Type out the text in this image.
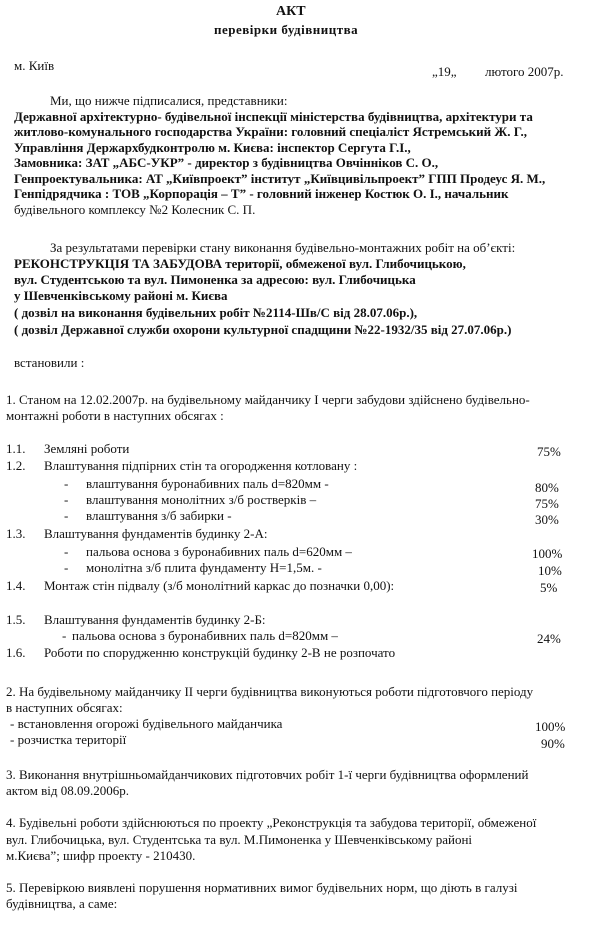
АКТ
перевірки будівництва
м. Київ	„19„ лютого 2007р.
Ми, що нижче підписалися, представники:
Державної архітектурно- будівельної інспекції міністерства будівництва, архітектури та
житлово-комунального господарства України: головний спеціаліст Ястремський Ж. Г.,
Управління Держархбудконтролю м. Києва: інспектор Сергута Г.І.,
Замовника: ЗАТ „АБС-УКР” - директор з будівництва Овчінніков С. О.,
Генпроектувальника: АТ „Київпроект” інститут „Київцивільпроект” ГПП Продеус Я. М.,
Генпідрядчика : ТОВ „Корпорація – Т” - головний інженер Костюк О. І., начальник
будівельного комплексу №2 Колесник С. П.
За результатами перевірки стану виконання будівельно-монтажних робіт на об’єкті:
РЕКОНСТРУКЦІЯ ТА ЗАБУДОВА території, обмеженої вул. Глибочицькою,
вул. Студентською та вул. Пимоненка за адресою: вул. Глибочицька
у Шевченківському районі м. Києва
( дозвіл на виконання будівельних робіт №2114-Шв/С від 28.07.06р.),
( дозвіл Державної служби охорони культурної спадщини №22-1932/35 від 27.07.06р.)
встановили :
1. Станом на 12.02.2007р. на будівельному майданчику І черги забудови здійснено будівельно-
монтажні роботи в наступних обсягах :
1.1. Земляні роботи	75%
1.2. Влаштування підпірних стін та огородження котловану :
- влаштування буронабивних паль d=820мм -	80%
- влаштування монолітних з/б ростверків –	75%
- влаштування з/б забирки -	30%
1.3. Влаштування фундаментів будинку 2-А:
- пальова основа з буронабивних паль d=620мм –	100%
- монолітна з/б плита фундаменту Н=1,5м. -	10%
1.4. Монтаж стін підвалу (з/б монолітний каркас до позначки 0,00):	5%
1.5. Влаштування фундаментів будинку 2-Б:
- пальова основа з буронабивних паль d=820мм –	24%
1.6. Роботи по спорудженню конструкцій будинку 2-В не розпочато
2. На будівельному майданчику ІІ черги будівництва виконуються роботи підготовчого періоду
в наступних обсягах:
- встановлення огорожі будівельного майданчика	100%
- розчистка території	90%
3. Виконання внутрішньомайданчикових підготовчих робіт 1-ї черги будівництва оформлений
актом від 08.09.2006р.
4. Будівельні роботи здійснюються по проекту „Реконструкція та забудова території, обмеженої
вул. Глибочицька, вул. Студентська та вул. М.Пимоненка у Шевченківському районі
м.Києва”; шифр проекту - 210430.
5. Перевіркою виявлені порушення нормативних вимог будівельних норм, що діють в галузі
будівництва, а саме:
